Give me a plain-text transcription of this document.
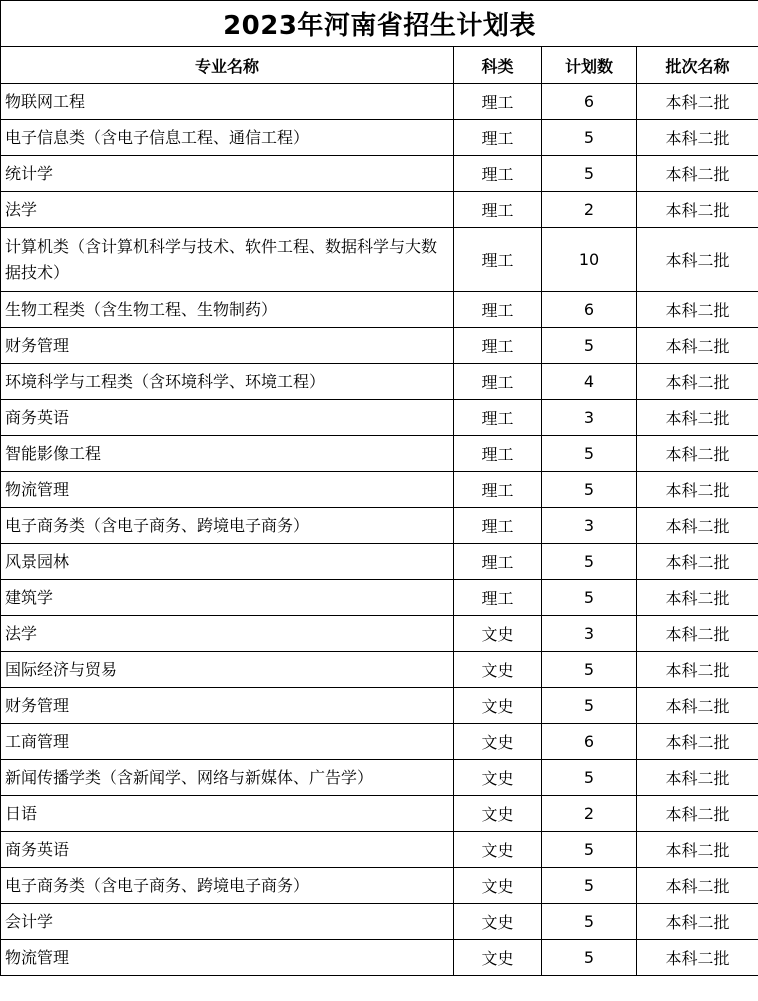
2023年河南省招生计划表			
专业名称	科类	计划数	批次名称
物联网工程	理工	6	本科二批
电子信息类（含电子信息工程、通信工程）	理工	5	本科二批
统计学	理工	5	本科二批
法学	理工	2	本科二批
计算机类（含计算机科学与技术、软件工程、数据科学与大数据技术）	理工	10	本科二批
生物工程类（含生物工程、生物制药）	理工	6	本科二批
财务管理	理工	5	本科二批
环境科学与工程类（含环境科学、环境工程）	理工	4	本科二批
商务英语	理工	3	本科二批
智能影像工程	理工	5	本科二批
物流管理	理工	5	本科二批
电子商务类（含电子商务、跨境电子商务）	理工	3	本科二批
风景园林	理工	5	本科二批
建筑学	理工	5	本科二批
法学	文史	3	本科二批
国际经济与贸易	文史	5	本科二批
财务管理	文史	5	本科二批
工商管理	文史	6	本科二批
新闻传播学类（含新闻学、网络与新媒体、广告学）	文史	5	本科二批
日语	文史	2	本科二批
商务英语	文史	5	本科二批
电子商务类（含电子商务、跨境电子商务）	文史	5	本科二批
会计学	文史	5	本科二批
物流管理	文史	5	本科二批
